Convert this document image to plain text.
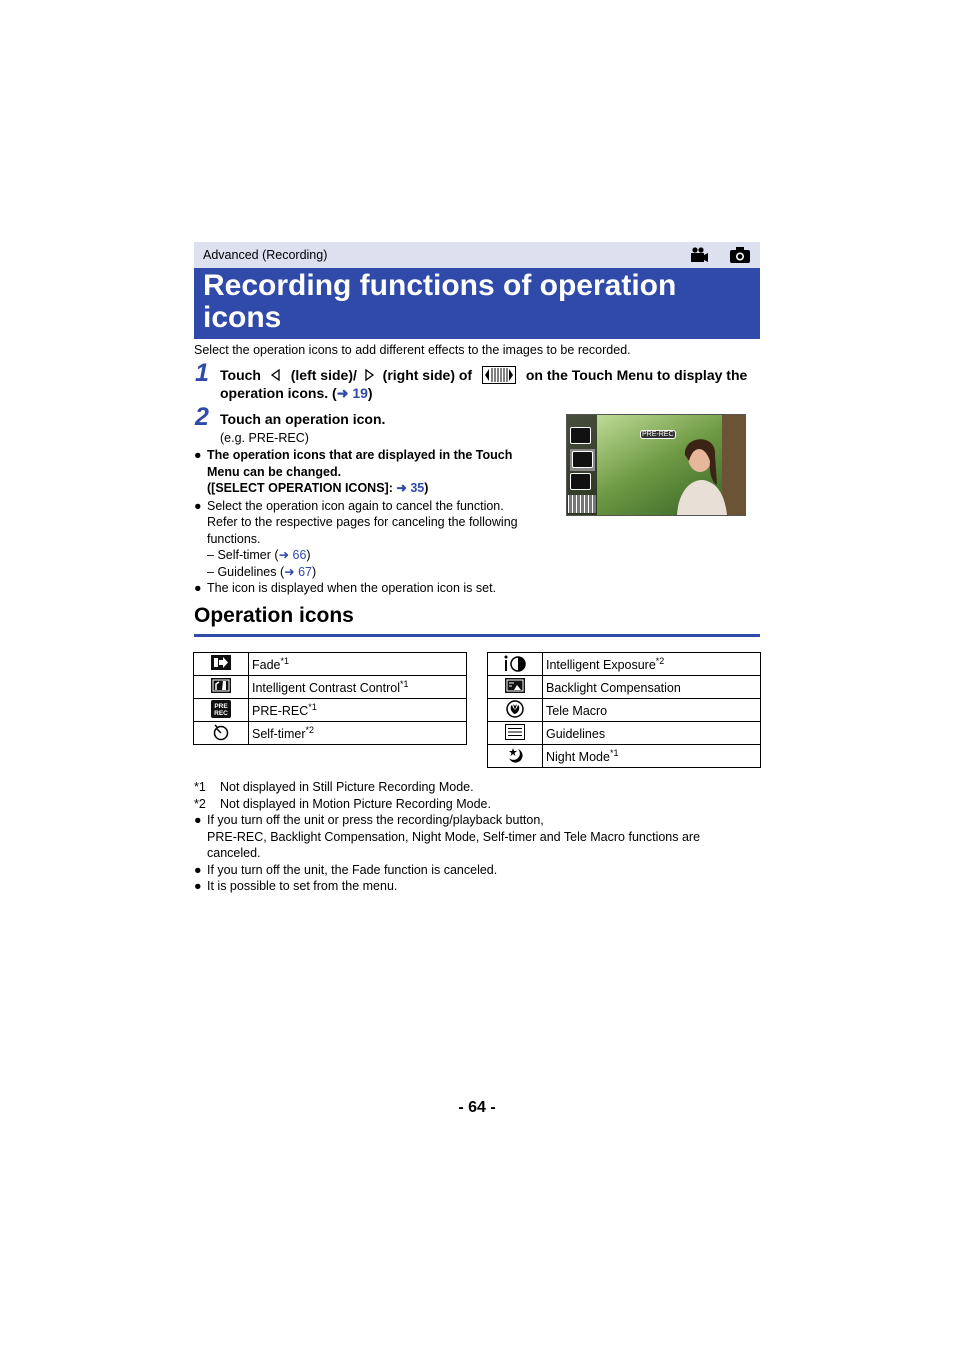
Advanced (Recording)
Recording functions of operation icons
Select the operation icons to add different effects to the images to be recorded.
1 Touch (left side)/ (right side) of	on the Touch Menu to display the
operation icons. (➜ 19)
2 Touch an operation icon.
(e.g. PRE-REC)
● The operation icons that are displayed in the Touch
Menu can be changed.
([SELECT OPERATION ICONS]: ➜ 35)
● Select the operation icon again to cancel the function.
Refer to the respective pages for canceling the following
functions.
– Self-timer (➜ 66)
– Guidelines (➜ 67)
● The icon is displayed when the operation icon is set.
PRE-REC
Operation icons
	Fade$^{*1}$
	Intelligent Contrast Control$^{*1}$

PRE
REC	PRE-REC$^{*1}$
	Self-timer$^{*2}$
	Intelligent Exposure$^{*2}$
	Backlight Compensation
	Tele Macro
	Guidelines
	Night Mode$^{*1}$
*1 Not displayed in Still Picture Recording Mode.
*2 Not displayed in Motion Picture Recording Mode.
● If you turn off the unit or press the recording/playback button,
PRE-REC, Backlight Compensation, Night Mode, Self-timer and Tele Macro functions are
canceled.
● If you turn off the unit, the Fade function is canceled.
● It is possible to set from the menu.
- 64 -
